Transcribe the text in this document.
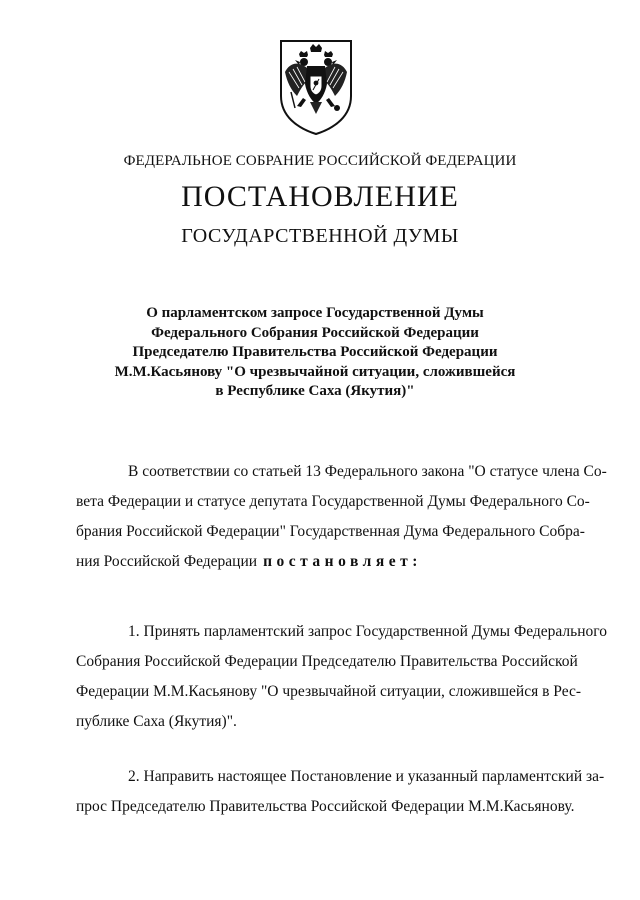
ФЕДЕРАЛЬНОЕ СОБРАНИЕ РОССИЙСКОЙ ФЕДЕРАЦИИ
ПОСТАНОВЛЕНИЕ
ГОСУДАРСТВЕННОЙ ДУМЫ
О парламентском запросе Государственной Думы
Федерального Собрания Российской Федерации
Председателю Правительства Российской Федерации
М.М.Касьянову "О чрезвычайной ситуации, сложившейся
в Республике Саха (Якутия)"
В соответствии со статьей 13 Федерального закона "О статусе члена Со-
вета Федерации и статусе депутата Государственной Думы Федерального Со-
брания Российской Федерации" Государственная Дума Федерального Собра-
ния Российской Федерации постановляет:
1. Принять парламентский запрос Государственной Думы Федерального
Собрания Российской Федерации Председателю Правительства Российской
Федерации М.М.Касьянову "О чрезвычайной ситуации, сложившейся в Рес-
публике Саха (Якутия)".
2. Направить настоящее Постановление и указанный парламентский за-
прос Председателю Правительства Российской Федерации М.М.Касьянову.
